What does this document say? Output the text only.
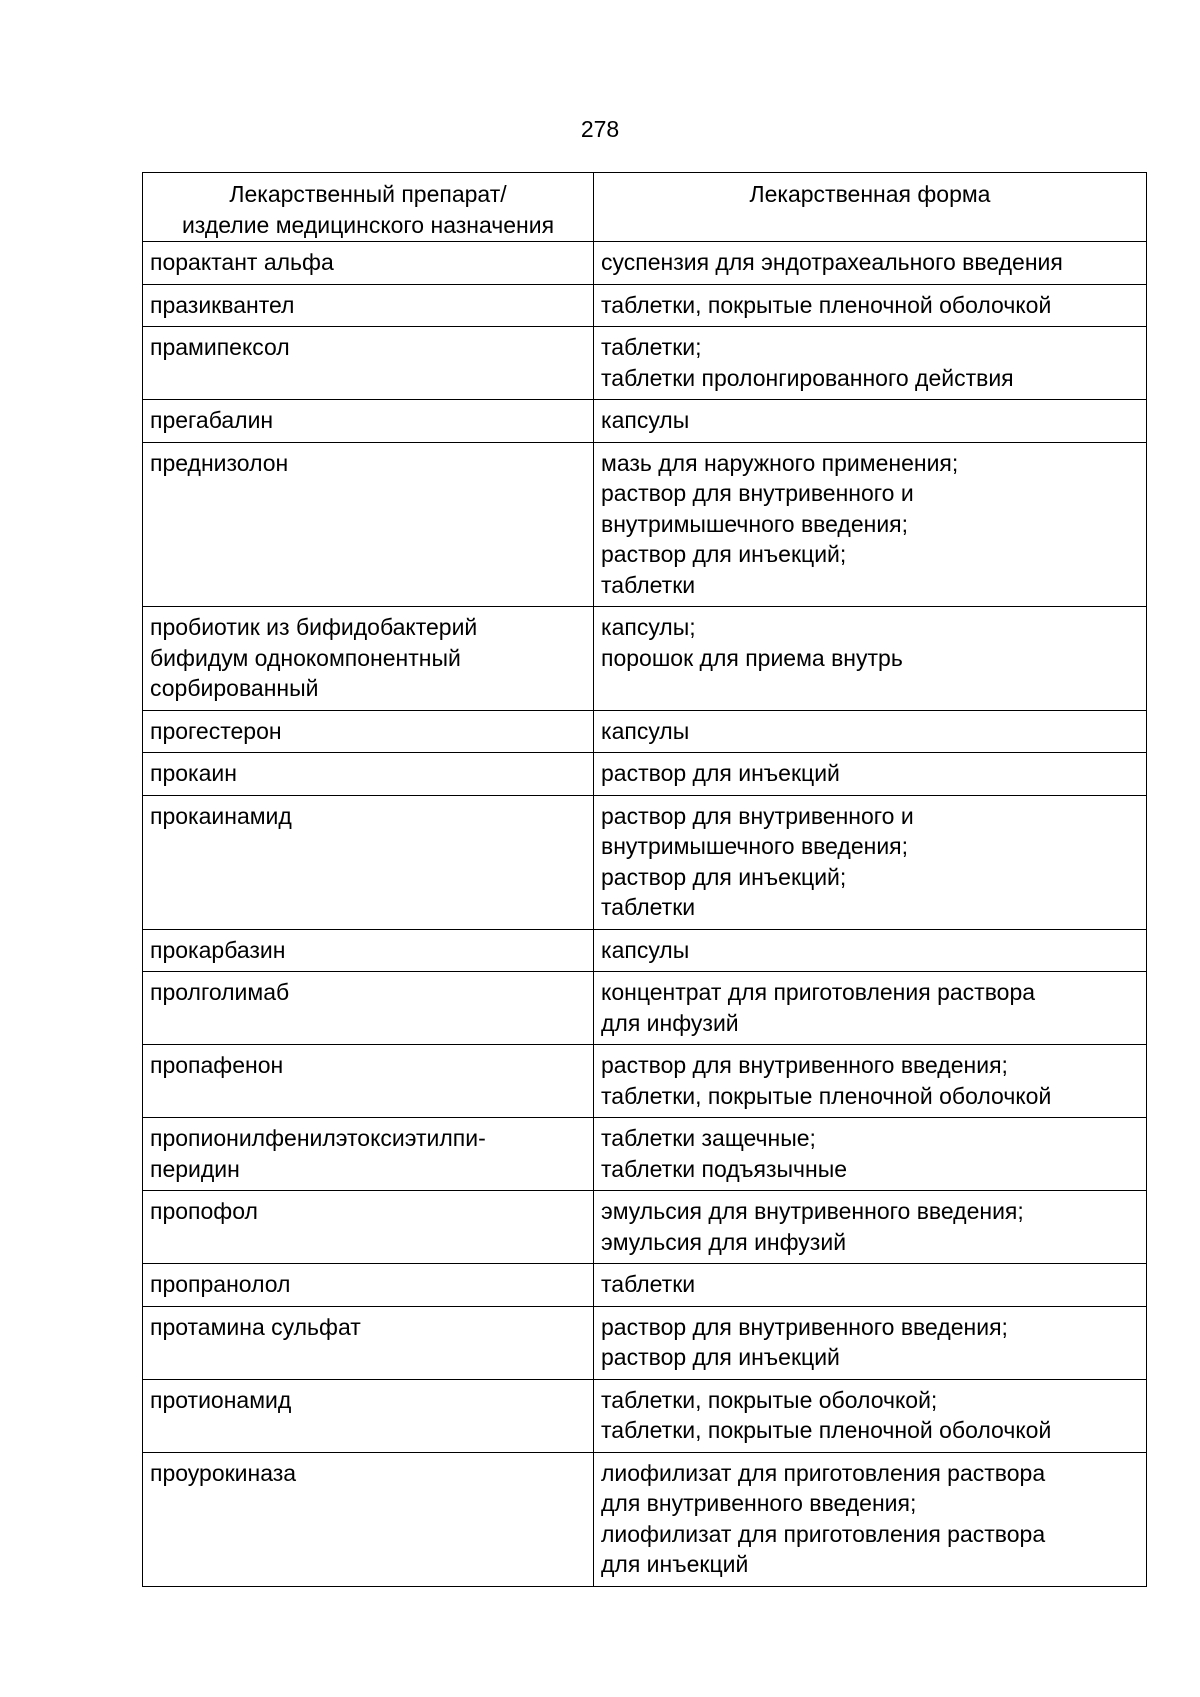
278
Лекарственный препарат/
изделие медицинского назначения	Лекарственная форма
порактант альфа	суспензия для эндотрахеального введения
празиквантел	таблетки, покрытые пленочной оболочкой
прамипексол	таблетки;
таблетки пролонгированного действия
прегабалин	капсулы
преднизолон	мазь для наружного применения;
раствор для внутривенного и
внутримышечного введения;
раствор для инъекций;
таблетки
пробиотик из бифидобактерий
бифидум однокомпонентный
сорбированный	капсулы;
порошок для приема внутрь
прогестерон	капсулы
прокаин	раствор для инъекций
прокаинамид	раствор для внутривенного и
внутримышечного введения;
раствор для инъекций;
таблетки
прокарбазин	капсулы
пролголимаб	концентрат для приготовления раствора
для инфузий
пропафенон	раствор для внутривенного введения;
таблетки, покрытые пленочной оболочкой
пропионилфенилэтоксиэтилпи-
перидин	таблетки защечные;
таблетки подъязычные
пропофол	эмульсия для внутривенного введения;
эмульсия для инфузий
пропранолол	таблетки
протамина сульфат	раствор для внутривенного введения;
раствор для инъекций
протионамид	таблетки, покрытые оболочкой;
таблетки, покрытые пленочной оболочкой
проурокиназа	лиофилизат для приготовления раствора
для внутривенного введения;
лиофилизат для приготовления раствора
для инъекций
